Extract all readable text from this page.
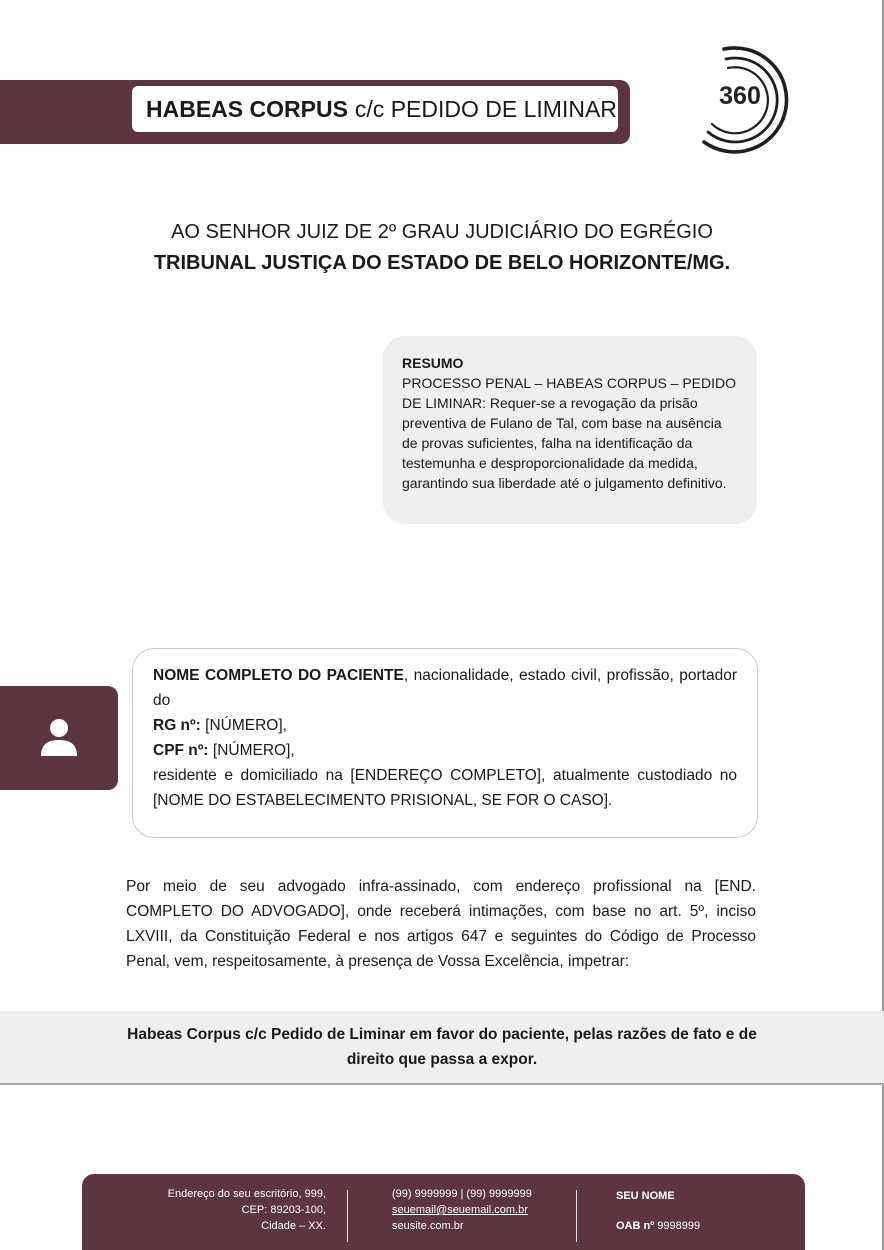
HABEAS CORPUS c/c PEDIDO DE LIMINAR	360
AO SENHOR JUIZ DE 2º GRAU JUDICIÁRIO DO EGRÉGIO
TRIBUNAL JUSTIÇA DO ESTADO DE BELO HORIZONTE/MG.
RESUMO
PROCESSO PENAL – HABEAS CORPUS – PEDIDO DE LIMINAR: Requer-se a revogação da prisão preventiva de Fulano de Tal, com base na ausência de provas suficientes, falha na identificação da testemunha e desproporcionalidade da medida, garantindo sua liberdade até o julgamento definitivo.
NOME COMPLETO DO PACIENTE, nacionalidade, estado civil, profissão, portador
do
RG nº: [NÚMERO],
CPF nº: [NÚMERO],
residente e domiciliado na [ENDEREÇO COMPLETO], atualmente custodiado no
[NOME DO ESTABELECIMENTO PRISIONAL, SE FOR O CASO].

Por meio de seu advogado infra-assinado, com endereço profissional na [END. COMPLETO DO ADVOGADO], onde receberá intimações, com base no art. 5º, inciso LXVIII, da Constituição Federal e nos artigos 647 e seguintes do Código de Processo Penal, vem, respeitosamente, à presença de Vossa Excelência, impetrar:

Habeas Corpus c/c Pedido de Liminar em favor do paciente, pelas razões de fato e de direito que passa a expor.

Endereço do seu escritório, 999,
CEP: 89203-100,
Cidade – XX.
(99) 9999999 | (99) 9999999
seuemail@seuemail.com.br
seusite.com.br
SEU NOME
OAB nº 9998999
